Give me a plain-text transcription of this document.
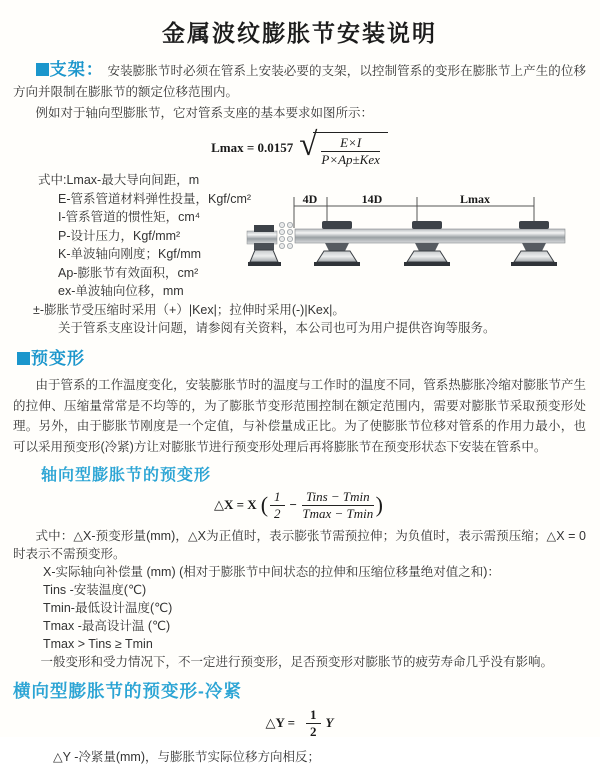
金属波纹膨胀节安装说明

支架： 安装膨胀节时必须在管系上安装必要的支架，以控制管系的变形在膨胀节上产生的位移方向并限制在膨胀节的额定位移范围内。

例如对于轴向型膨胀节，它对管系支座的基本要求如图所示：

Lmax = 0.0157 √ $\frac{E\times I}{\text{P×Ap±Kex}}$
式中:Lmax-最大导向间距，m
E-管系管道材料弹性投量，Kgf/cm²
I-管系管道的惯性矩，cm⁴
P-设计压力，Kgf/mm²
K-单波轴向刚度；Kgf/mm
Ap-膨胀节有效面积，cm²
ex-单波轴向位移，mm
±-膨胀节受压缩时采用（+）|Kex|；拉伸时采用(-)|Kex|。

关于管系支座设计问题，请参阅有关资料，本公司也可为用户提供咨询等服务。

预变形

由于管系的工作温度变化，安装膨胀节时的温度与工作时的温度不同，管系热膨胀冷缩对膨胀节产生的拉伸、压缩量常常是不均等的，为了膨胀节变形范围控制在额定范围内，需要对膨胀节采取预变形处理。另外，由于膨胀节刚度是一个定值，与补偿量成正比。为了使膨胀节位移对管系的作用力最小，也可以采用预变形(冷紧)方让对膨胀节进行预变形处理后再将膨胀节在预变形状态下安装在管系中。

轴向型膨胀节的预变形
△X = X ( $\frac{1}{2} - \frac{\text{Tins − Tmin}}{Tmax - Tmin}$ )

式中：△X-预变形量(mm)，△X为正值时，表示膨张节需预拉伸；为负值时，表示需预压缩；△X = 0时表示不需预变形。

X-实际轴向补偿量 (mm) (相对于膨胀节中间状态的拉伸和压缩位移量绝对值之和)：
Tins -安装温度(℃)
Tmin-最低设计温度(℃)
Tmax -最高设计温 (℃)
Tmax > Tins ≥ Tmin

一般变形和受力情况下，不一定进行预变形，足否预变形对膨胀节的疲劳寿命几乎没有影响。

横向型膨胀节的预变形-冷紧
△Y = $\frac{1}{2}$ Y

△Y -冷紧量(mm)，与膨胀节实际位移方向相反；

4D	14D	Lmax
